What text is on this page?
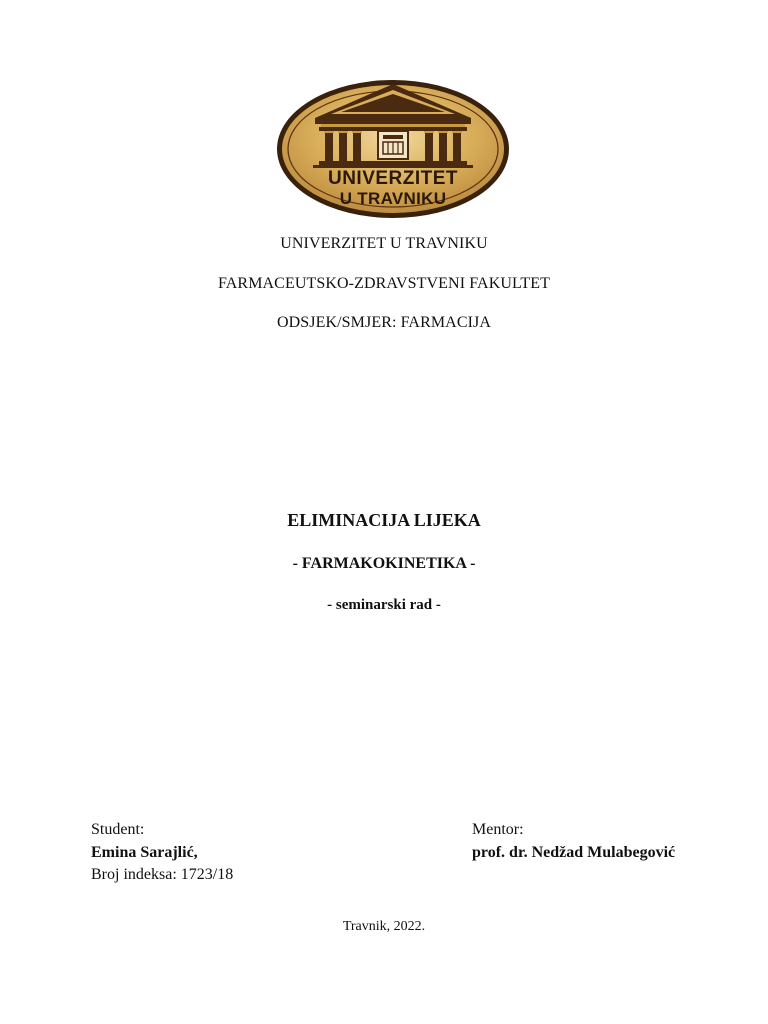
UNIVERZITET
U TRAVNIKU
UNIVERZITET U TRAVNIKU
FARMACEUTSKO-ZDRAVSTVENI FAKULTET
ODSJEK/SMJER: FARMACIJA
ELIMINACIJA LIJEKA
- FARMAKOKINETIKA -
- seminarski rad -
Student:
Emina Sarajlić,
Broj indeksa: 1723/18
Mentor:
prof. dr. Nedžad Mulabegović
Travnik, 2022.
